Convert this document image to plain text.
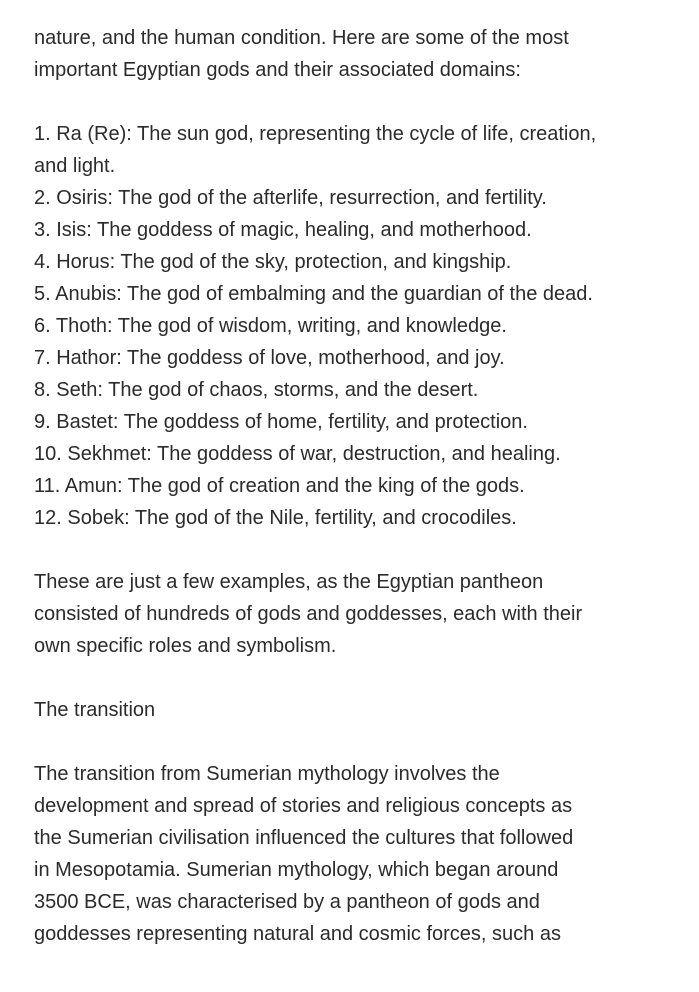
nature, and the human condition. Here are some of the most
important Egyptian gods and their associated domains:

1. Ra (Re): The sun god, representing the cycle of life, creation,
and light.

2. Osiris: The god of the afterlife, resurrection, and fertility.

3. Isis: The goddess of magic, healing, and motherhood.

4. Horus: The god of the sky, protection, and kingship.

5. Anubis: The god of embalming and the guardian of the dead.

6. Thoth: The god of wisdom, writing, and knowledge.

7. Hathor: The goddess of love, motherhood, and joy.

8. Seth: The god of chaos, storms, and the desert.

9. Bastet: The goddess of home, fertility, and protection.

10. Sekhmet: The goddess of war, destruction, and healing.

11. Amun: The god of creation and the king of the gods.

12. Sobek: The god of the Nile, fertility, and crocodiles.

These are just a few examples, as the Egyptian pantheon
consisted of hundreds of gods and goddesses, each with their
own specific roles and symbolism.

The transition

The transition from Sumerian mythology involves the
development and spread of stories and religious concepts as
the Sumerian civilisation influenced the cultures that followed
in Mesopotamia. Sumerian mythology, which began around
3500 BCE, was characterised by a pantheon of gods and
goddesses representing natural and cosmic forces, such as
